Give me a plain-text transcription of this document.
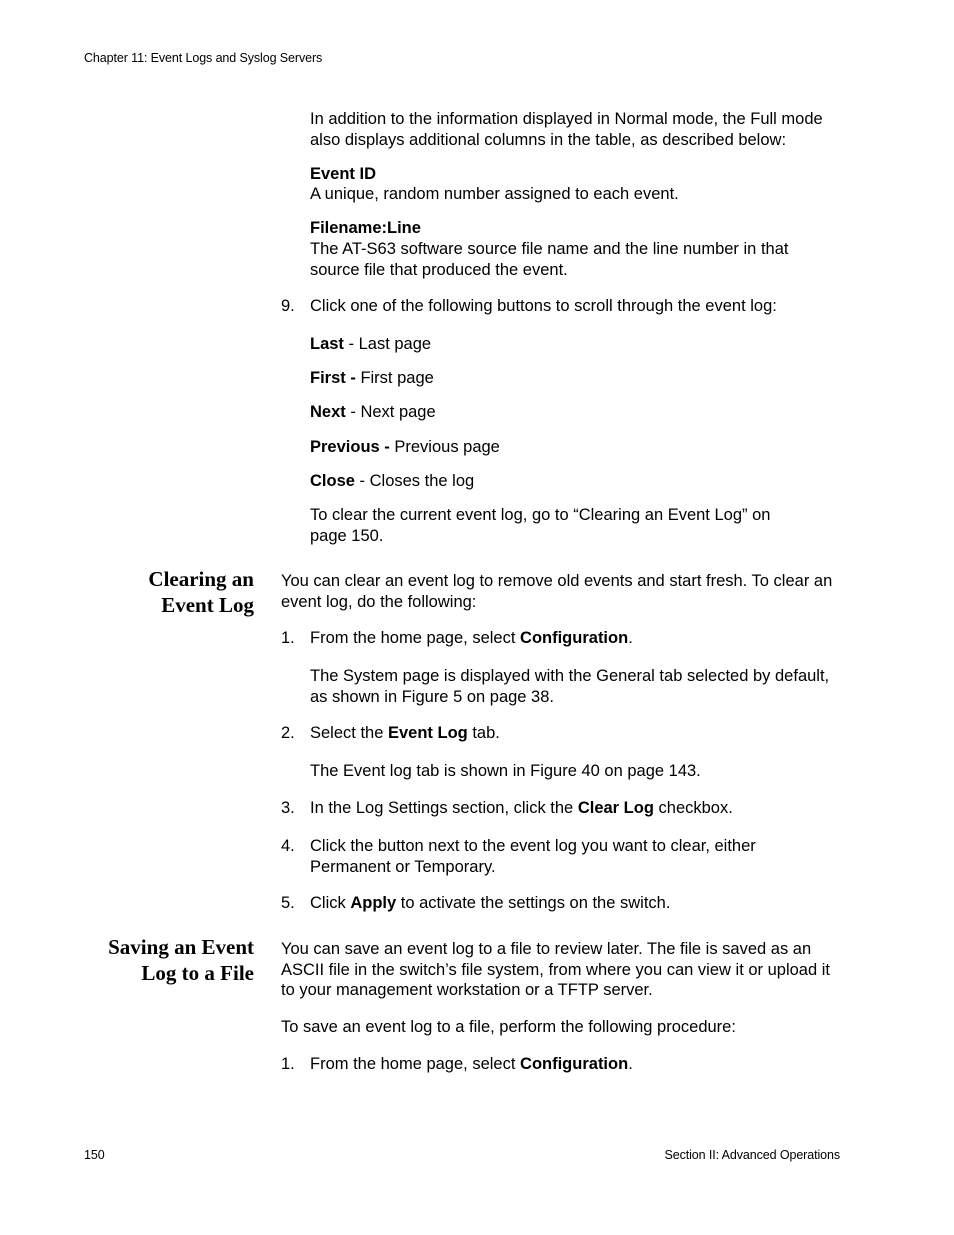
Chapter 11: Event Logs and Syslog Servers
In addition to the information displayed in Normal mode, the Full mode also displays additional columns in the table, as described below:
Event ID
A unique, random number assigned to each event.
Filename:Line
The AT-S63 software source file name and the line number in that source file that produced the event.
9. Click one of the following buttons to scroll through the event log:
Last - Last page
First - First page
Next - Next page
Previous - Previous page
Close - Closes the log
To clear the current event log, go to “Clearing an Event Log” on page 150.
Clearing an
Event Log
You can clear an event log to remove old events and start fresh. To clear an event log, do the following:
1. From the home page, select Configuration.
The System page is displayed with the General tab selected by default, as shown in Figure 5 on page 38.
2. Select the Event Log tab.
The Event log tab is shown in Figure 40 on page 143.
3. In the Log Settings section, click the Clear Log checkbox.
4. Click the button next to the event log you want to clear, either Permanent or Temporary.
5. Click Apply to activate the settings on the switch.
Saving an Event
Log to a File
You can save an event log to a file to review later. The file is saved as an ASCII file in the switch’s file system, from where you can view it or upload it to your management workstation or a TFTP server.
To save an event log to a file, perform the following procedure:
1. From the home page, select Configuration.
150	Section II: Advanced Operations
